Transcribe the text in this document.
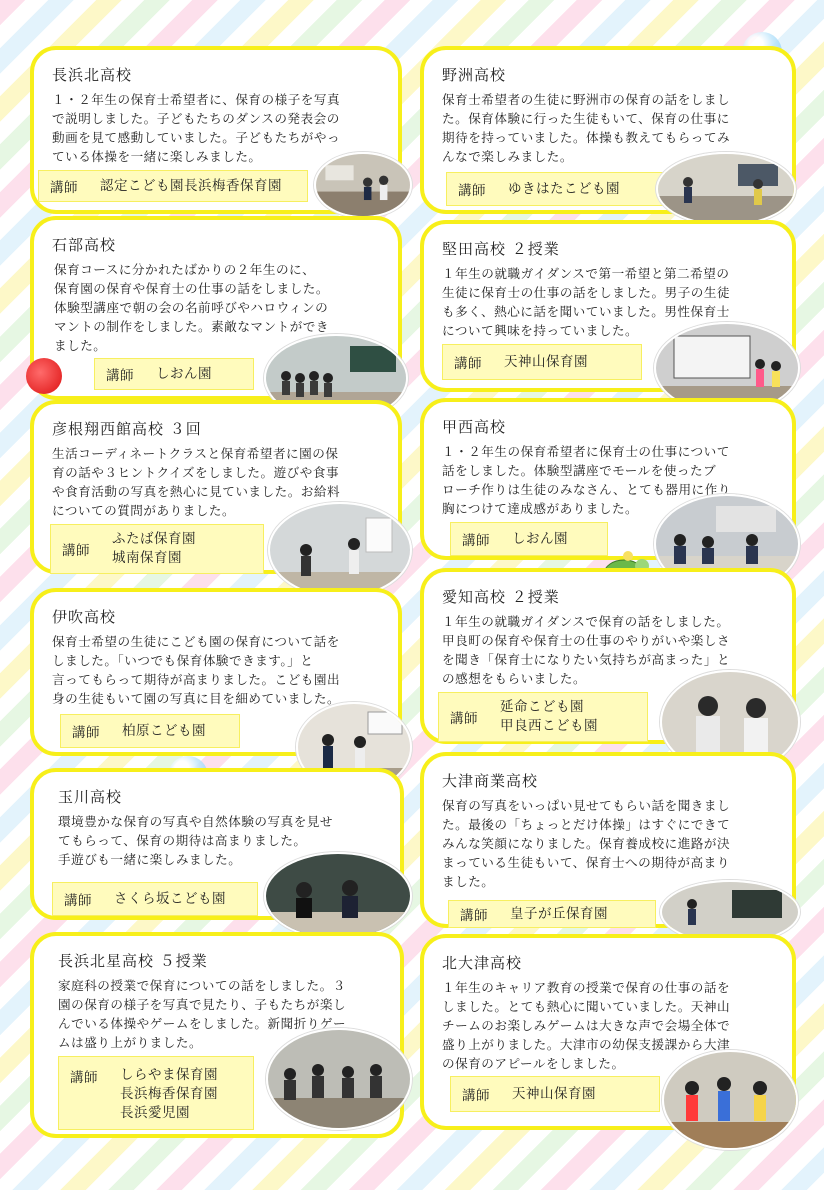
長浜北高校
１・２年生の保育士希望者に、保育の様子を写真
で説明しました。子どもたちのダンスの発表会の
動画を見て感動していました。子どもたちがやっ
ている体操を一緒に楽しみました。
講師 認定こども園長浜梅香保育園
野洲高校
保育士希望者の生徒に野洲市の保育の話をしまし
た。保育体験に行った生徒もいて、保育の仕事に
期待を持っていました。体操も教えてもらってみ
んなで楽しみました。
講師 ゆきはたこども園
石部高校
保育コースに分かれたばかりの２年生のに、
保育園の保育や保育士の仕事の話をしました。
体験型講座で朝の会の名前呼びやハロウィンの
マントの制作をしました。素敵なマントができ
ました。
講師 しおん園
堅田高校 ２授業
１年生の就職ガイダンスで第一希望と第二希望の
生徒に保育士の仕事の話をしました。男子の生徒
も多く、熱心に話を聞いていました。男性保育士
について興味を持っていました。
講師 天神山保育園
彦根翔西館高校 ３回
生活コーディネートクラスと保育希望者に園の保
育の話や３ヒントクイズをしました。遊びや食事
や食育活動の写真を熱心に見ていました。お給料
についての質問がありました。
講師
ふたば保育園
城南保育園
甲西高校
１・２年生の保育希望者に保育士の仕事について
話をしました。体験型講座でモールを使ったブ
ローチ作りは生徒のみなさん、とても器用に作り
胸につけて達成感がありました。
講師 しおん園
伊吹高校
保育士希望の生徒にこども園の保育について話を
しました。「いつでも保育体験できます。」と
言ってもらって期待が高まりました。こども園出
身の生徒もいて園の写真に目を細めていました。
講師 柏原こども園
愛知高校 ２授業
１年生の就職ガイダンスで保育の話をしました。
甲良町の保育や保育士の仕事のやりがいや楽しさ
を聞き「保育士になりたい気持ちが高まった」と
の感想をもらいました。
講師
延命こども園
甲良西こども園
玉川高校
環境豊かな保育の写真や自然体験の写真を見せ
てもらって、保育の期待は高まりました。
手遊びも一緒に楽しみました。
講師 さくら坂こども園
大津商業高校
保育の写真をいっぱい見せてもらい話を聞きまし
た。最後の「ちょっとだけ体操」はすぐにできて
みんな笑顔になりました。保育養成校に進路が決
まっている生徒もいて、保育士への期待が高まり
ました。
講師 皇子が丘保育園
長浜北星高校 ５授業
家庭科の授業で保育についての話をしました。３
園の保育の様子を写真で見たり、子もたちが楽し
んでいる体操やゲームをしました。新聞折りゲー
ムは盛り上がりました。
講師 しらやま保育園
長浜梅香保育園
長浜愛児園
北大津高校
１年生のキャリア教育の授業で保育の仕事の話を
しました。とても熱心に聞いていました。天神山
チームのお楽しみゲームは大きな声で会場全体で
盛り上がりました。大津市の幼保支援課から大津
の保育のアピールをしました。
講師 天神山保育園
